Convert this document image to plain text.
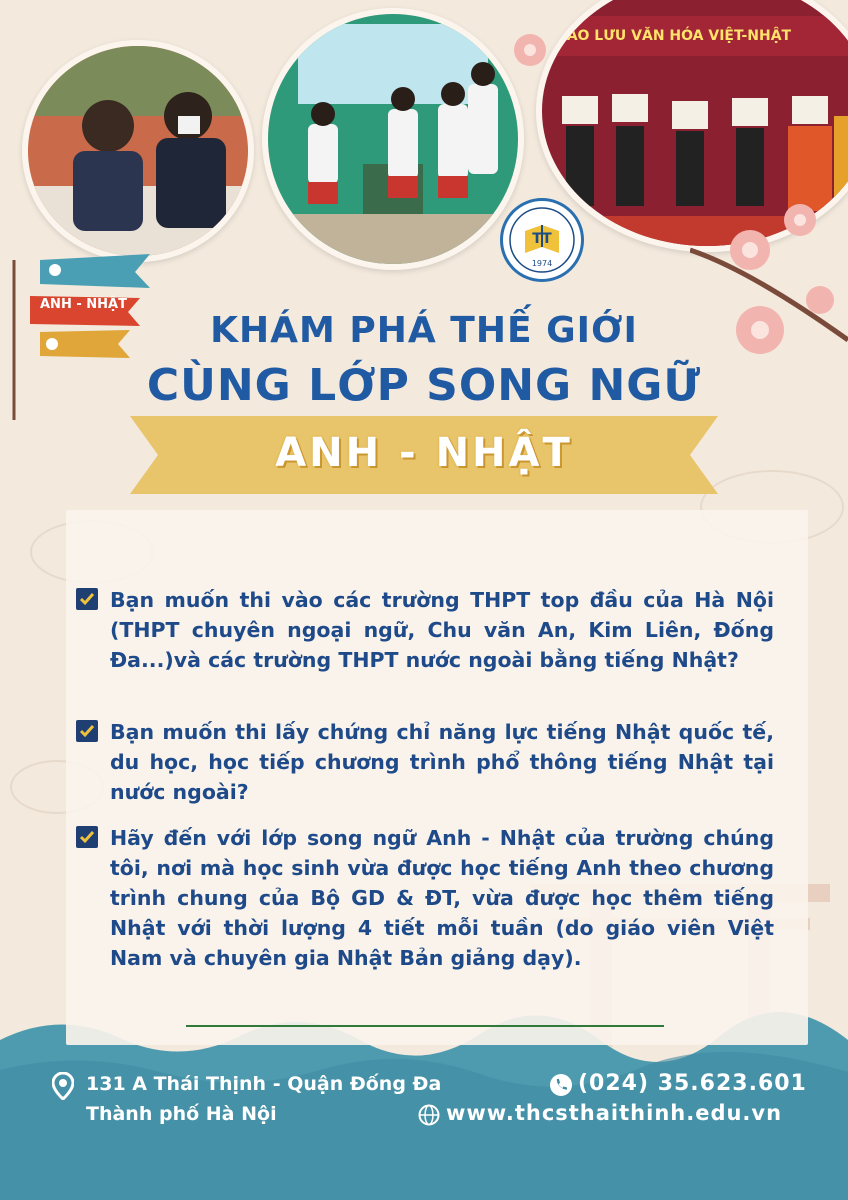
GIAO LƯU VĂN HÓA VIỆT-NHẬT
ANH - NHẬT
TT
1974
KHÁM PHÁ THẾ GIỚI
CÙNG LỚP SONG NGỮ
ANH - NHẬT
Bạn muốn thi vào các trường THPT top đầu của Hà Nội (THPT chuyên ngoại ngữ, Chu văn An, Kim Liên, Đống Đa...)và các trường THPT nước ngoài bằng tiếng Nhật?
Bạn muốn thi lấy chứng chỉ năng lực tiếng Nhật quốc tế, du học, học tiếp chương trình phổ thông tiếng Nhật tại nước ngoài?
Hãy đến với lớp song ngữ Anh - Nhật của trường chúng tôi, nơi mà học sinh vừa được học tiếng Anh theo chương trình chung của Bộ GD & ĐT, vừa được học thêm tiếng Nhật với thời lượng 4 tiết mỗi tuần (do giáo viên Việt Nam và chuyên gia Nhật Bản giảng dạy).
131 A Thái Thịnh - Quận Đống Đa
Thành phố Hà Nội
(024) 35.623.601
www.thcsthaithinh.edu.vn
